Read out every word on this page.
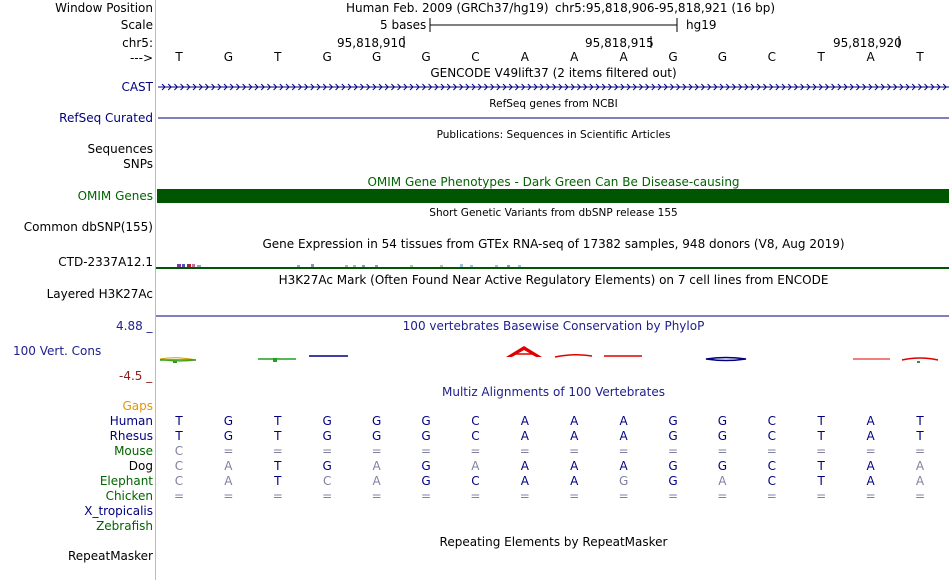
Window Position
Scale
chr5:
--->
Human Feb. 2009 (GRCh37/hg19) chr5:95,818,906-95,818,921 (16 bp)
5 bases	hg19
95,818,910	95,818,915	95,818,920
T	G	T	G	G	G	C	A	A	A	G	G	C	T	A	T
GENCODE V49lift37 (2 items filtered out)
CAST
RefSeq genes from NCBI
RefSeq Curated
Publications: Sequences in Scientific Articles
Sequences
SNPs
OMIM Gene Phenotypes - Dark Green Can Be Disease-causing
OMIM Genes
Short Genetic Variants from dbSNP release 155
Common dbSNP(155)
Gene Expression in 54 tissues from GTEx RNA-seq of 17382 samples, 948 donors (V8, Aug 2019)
CTD-2337A12.1
H3K27Ac Mark (Often Found Near Active Regulatory Elements) on 7 cell lines from ENCODE
Layered H3K27Ac
100 vertebrates Basewise Conservation by PhyloP
4.88 _
100 Vert. Cons
-4.5 _
Multiz Alignments of 100 Vertebrates
Gaps
Human	T	G	T	G	G	G	C	A	A	A	G	G	C	T	A	T
Rhesus	T	G	T	G	G	G	C	A	A	A	G	G	C	T	A	T
Mouse	C	=	=	=	=	=	=	=	=	=	=	=	=	=	=	=
Dog	C	A	T	G	A	G	A	A	A	A	G	G	C	T	A	A
Elephant	C	A	T	C	A	G	C	A	A	G	G	A	C	T	A	A
Chicken	=	=	=	=	=	=	=	=	=	=	=	=	=	=	=	=
X_tropicalis
Zebrafish
Repeating Elements by RepeatMasker
RepeatMasker
